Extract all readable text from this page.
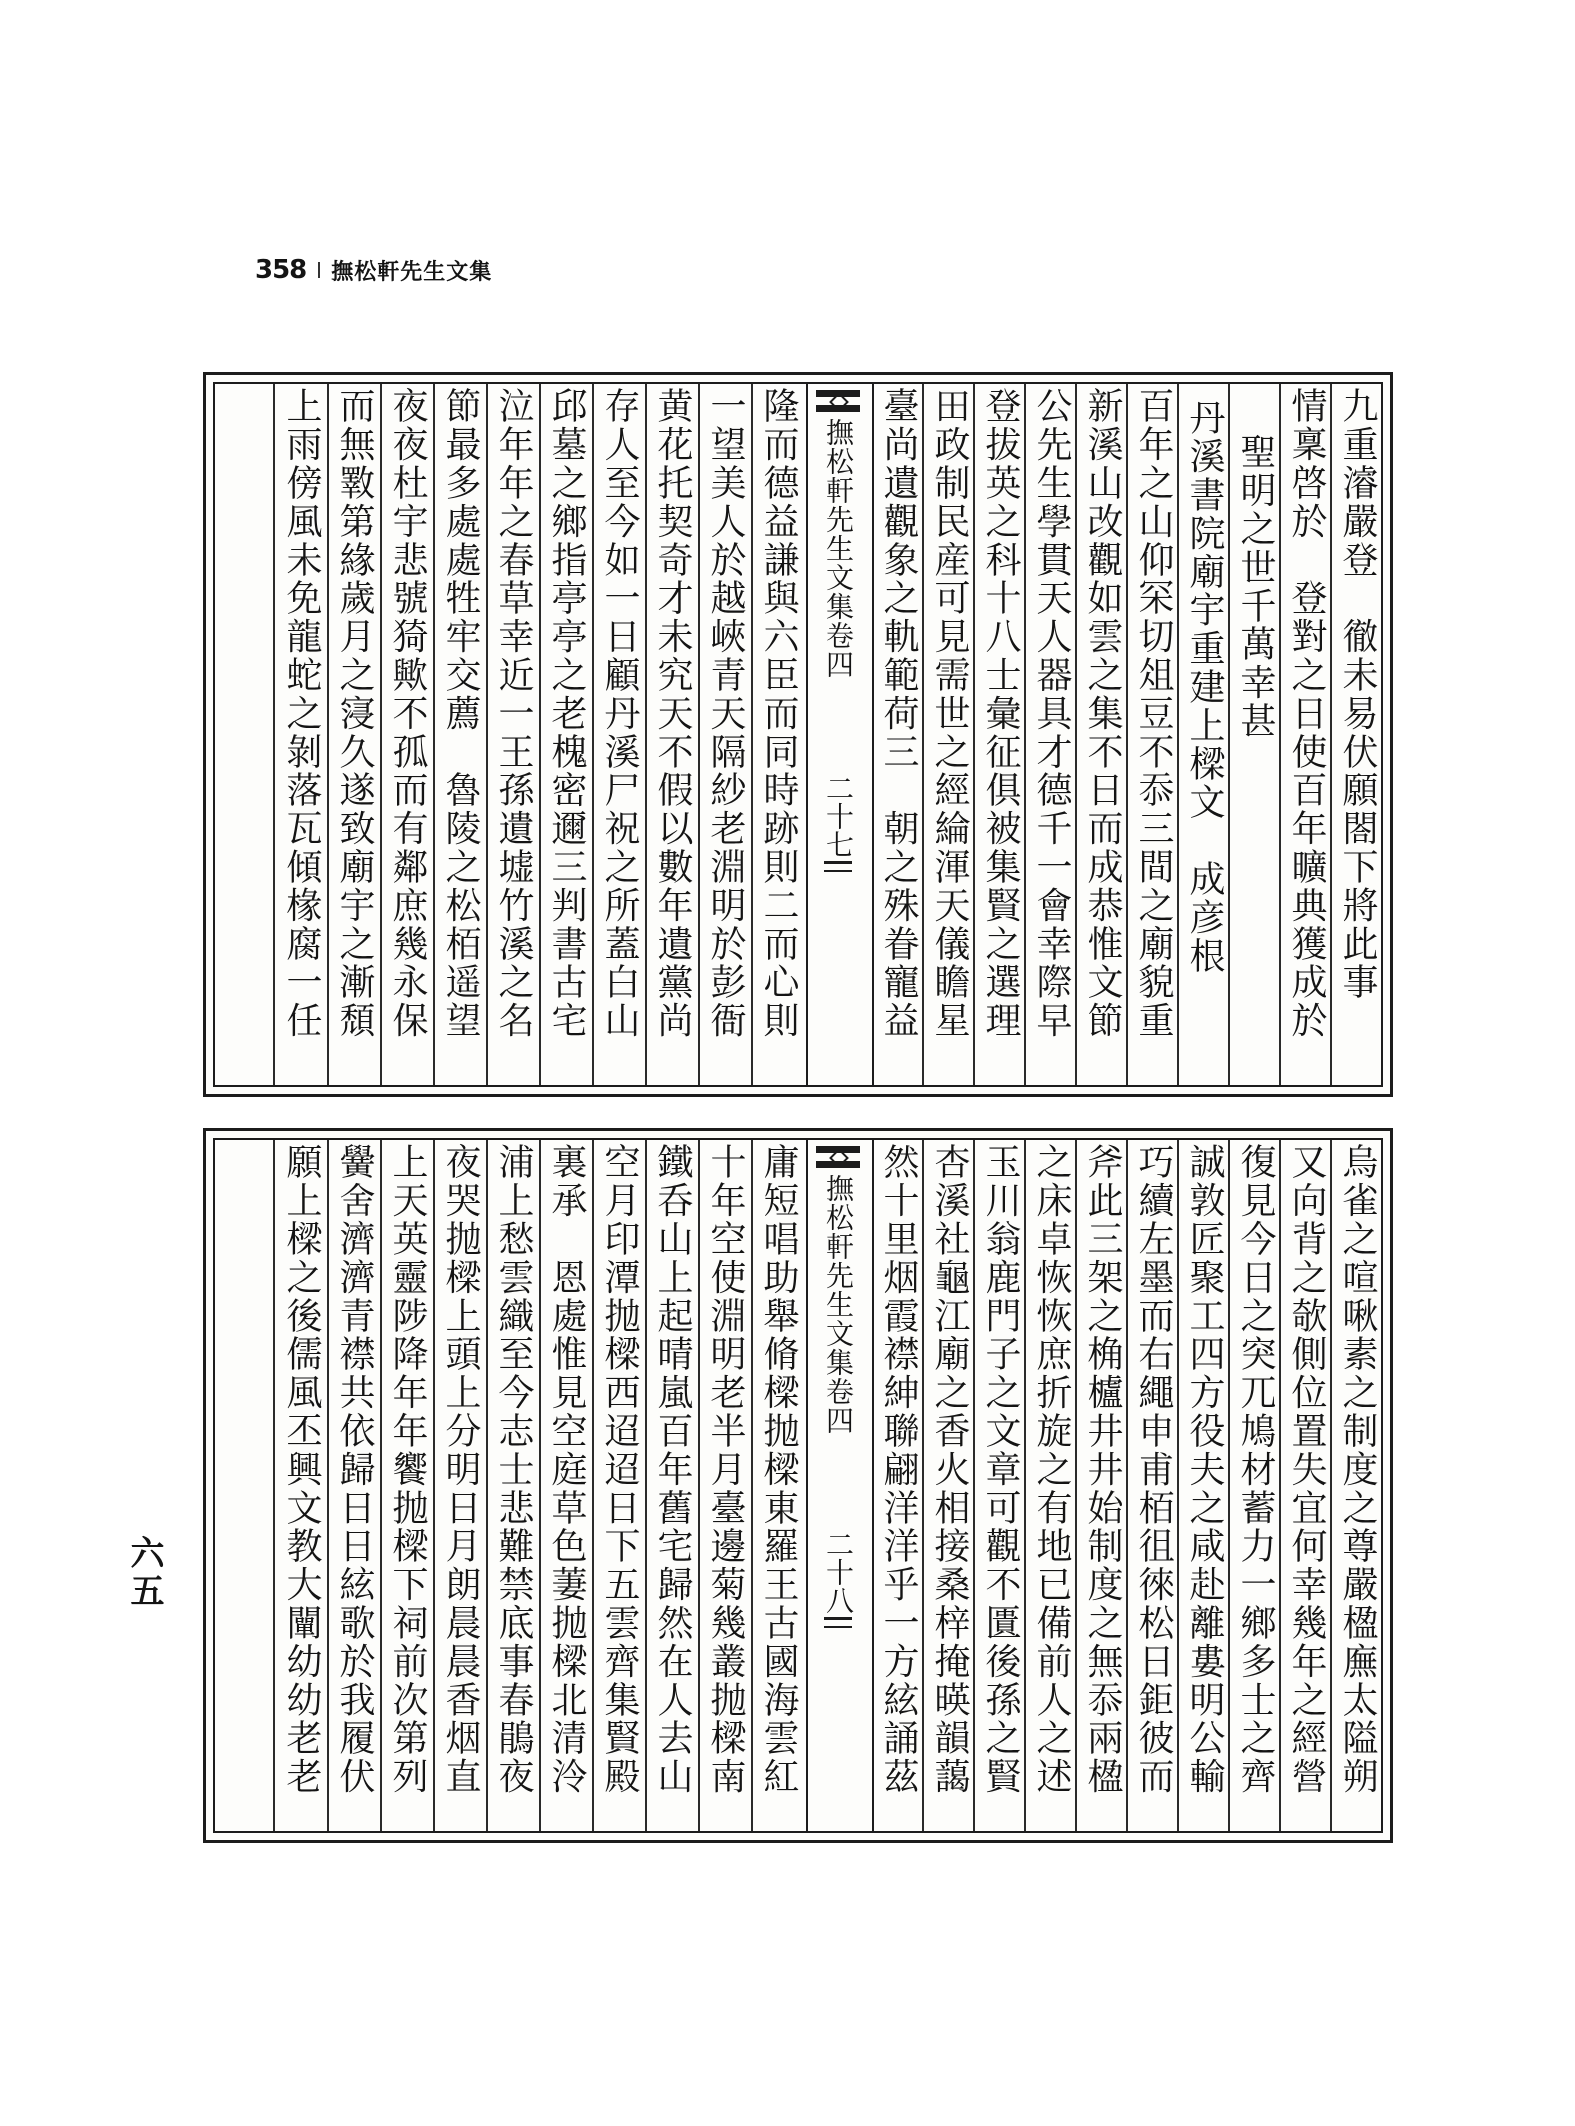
358 撫松軒先生文集
九重濬嚴登　徹未易伏願閤下將此事
情稟啓於　登對之日使百年曠典獲成於
聖明之世千萬幸甚
丹溪書院廟宇重建上樑文　成彦根
百年之山仰罙切俎豆不忝三間之廟貌重
新溪山改觀如雲之集不日而成恭惟文節
公先生學貫天人器具才德千一會幸際早
登拔英之科十八士彙征俱被集賢之選理
田政制民産可見需世之經綸渾天儀瞻星
臺尚遺觀象之軌範荷三　朝之殊眷寵益
撫松軒先生文集卷四
二十七
隆而德益謙與六臣而同時跡則二而心則
一望美人於越峽青天隔紗老淵明於彭衙
黄花托契奇才未究天不假以數年遺黨尚
存人至今如一日顧丹溪尸祝之所蓋白山
邱墓之鄉指亭亭之老槐密邇三判書古宅
泣年年之春草幸近一王孫遺墟竹溪之名
節最多處處牲牢交薦　魯陵之松栢遥望
夜夜杜宇悲號猗歟不孤而有鄰庶幾永保
而無斁第緣歲月之寖久遂致廟宇之漸頹
上雨傍風未免龍蛇之剝落瓦傾椽腐一任
烏雀之喧啾素之制度之尊嚴楹廡太隘朔
又向背之欹側位置失宜何幸幾年之經營
復見今日之突兀鳩材蓄力一鄉多士之齊
誠敦匠聚工四方役夫之咸赴離婁明公輸
巧續左墨而右繩申甫栢徂徠松日鉅彼而
斧此三架之桷櫨井井始制度之無忝兩楹
之床卓恢恢庶折旋之有地已備前人之述
玉川翁鹿門子之文章可觀不匱後孫之賢
杏溪社龜江廟之香火相接桑梓掩暎韻藹
然十里烟霞襟紳聯翩洋洋乎一方絃誦茲
撫松軒先生文集卷四
二十八
庸短唱助舉脩樑抛樑東羅王古國海雲紅
十年空使淵明老半月臺邊菊幾叢抛樑南
鐵呑山上起晴嵐百年舊宅歸然在人去山
空月印潭抛樑西迢迢日下五雲齊集賢殿
裏承　恩處惟見空庭草色萋抛樑北清泠
浦上愁雲織至今志士悲難禁底事春鵑夜
夜哭抛樑上頭上分明日月朗晨晨香烟直
上天英靈陟降年年饗抛樑下祠前次第列
黌舍濟濟青襟共依歸日日絃歌於我履伏
願上樑之後儒風丕興文教大闡幼幼老老
六五
